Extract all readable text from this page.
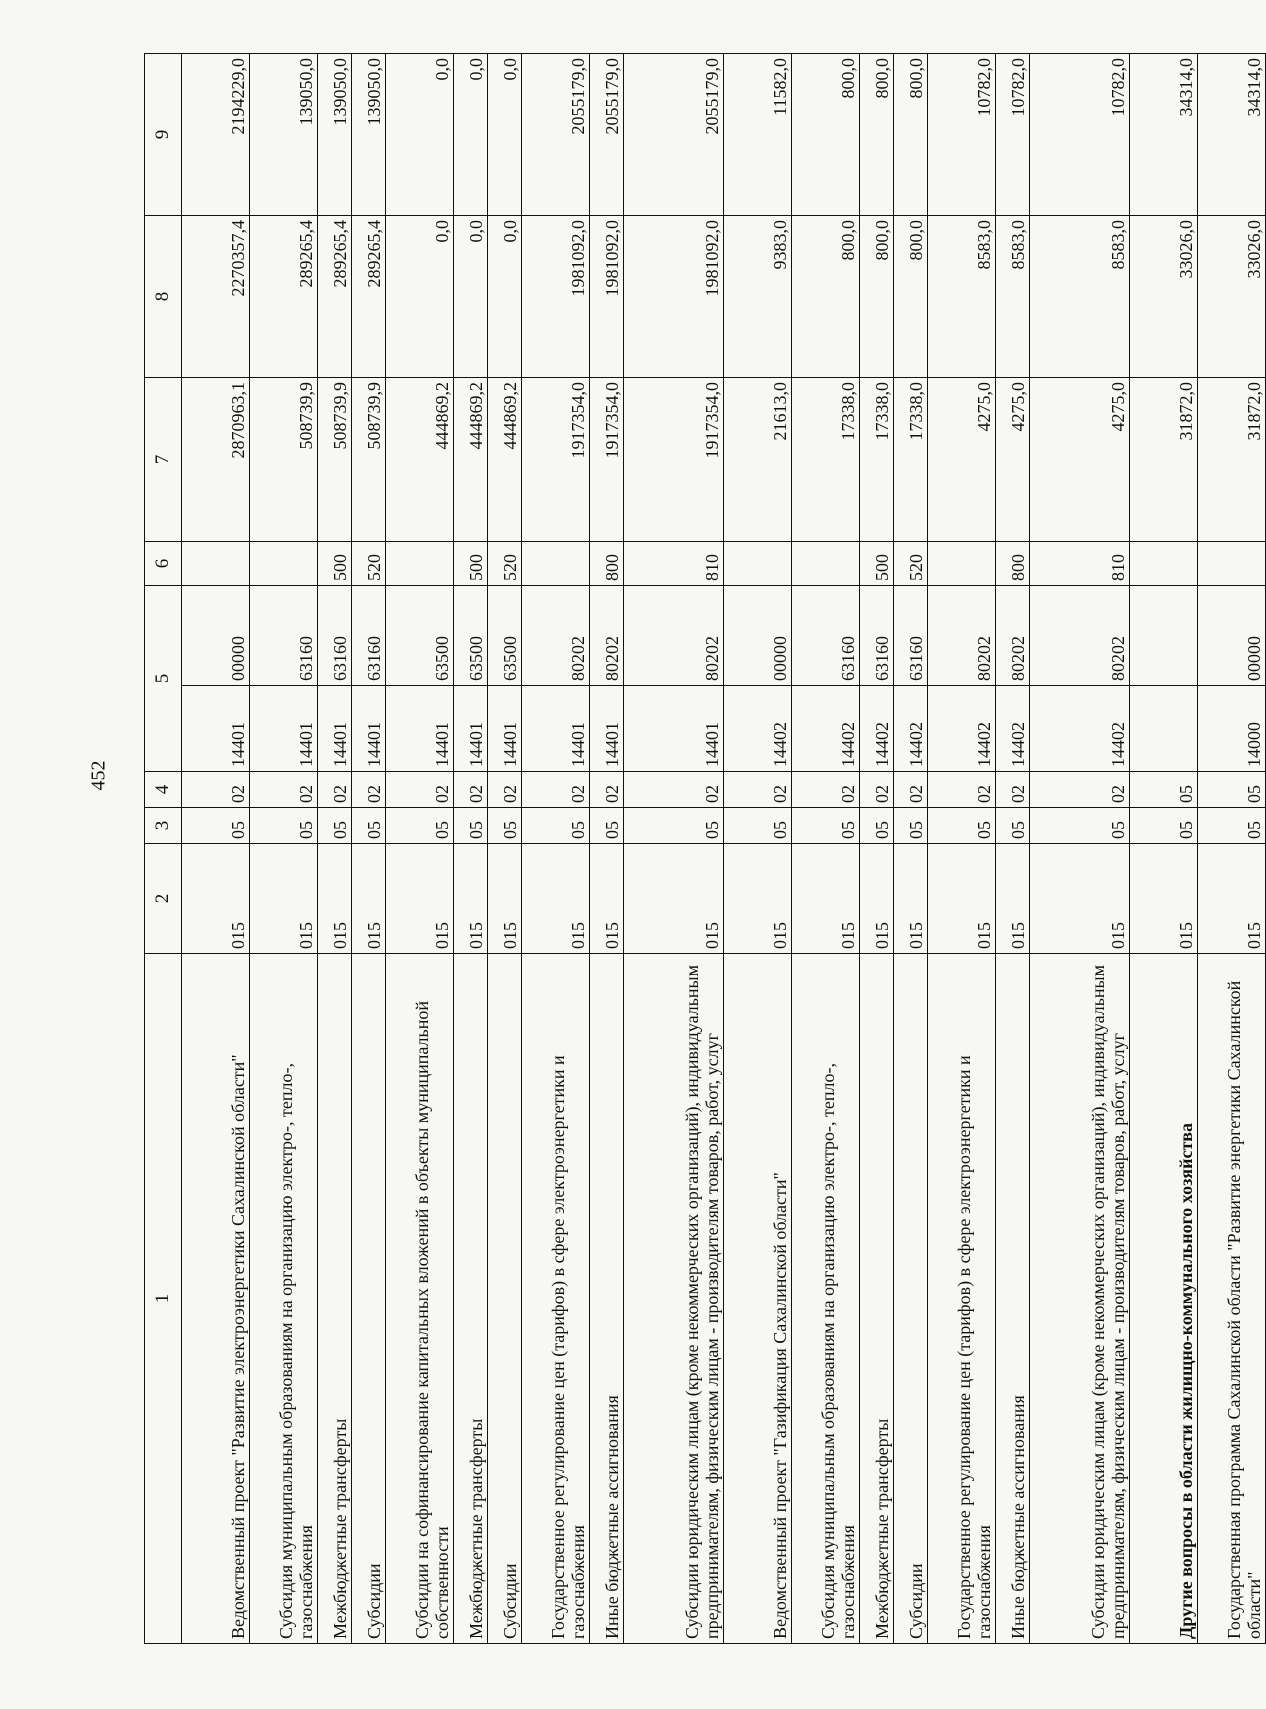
452
1	2	3	4	5		6	7	8	9
Ведомственный проект "Развитие электроэнергетики Сахалинской области"	015	05	02	14401	00000		2870963,1	2270357,4	2194229,0
Субсидия муниципальным образованиям на организацию электро-, тепло-, газоснабжения	015	05	02	14401	63160		508739,9	289265,4	139050,0
Межбюджетные трансферты	015	05	02	14401	63160	500	508739,9	289265,4	139050,0
Субсидии	015	05	02	14401	63160	520	508739,9	289265,4	139050,0
Субсидии на софинансирование капитальных вложений в объекты муниципальной собственности	015	05	02	14401	63500		444869,2	0,0	0,0
Межбюджетные трансферты	015	05	02	14401	63500	500	444869,2	0,0	0,0
Субсидии	015	05	02	14401	63500	520	444869,2	0,0	0,0
Государственное регулирование цен (тарифов) в сфере электроэнергетики и газоснабжения	015	05	02	14401	80202		1917354,0	1981092,0	2055179,0
Иные бюджетные ассигнования	015	05	02	14401	80202	800	1917354,0	1981092,0	2055179,0
Субсидии юридическим лицам (кроме некоммерческих организаций), индивидуальным предпринимателям, физическим лицам - производителям товаров, работ, услуг	015	05	02	14401	80202	810	1917354,0	1981092,0	2055179,0
Ведомственный проект "Газификация Сахалинской области"	015	05	02	14402	00000		21613,0	9383,0	11582,0
Субсидия муниципальным образованиям на организацию электро-, тепло-, газоснабжения	015	05	02	14402	63160		17338,0	800,0	800,0
Межбюджетные трансферты	015	05	02	14402	63160	500	17338,0	800,0	800,0
Субсидии	015	05	02	14402	63160	520	17338,0	800,0	800,0
Государственное регулирование цен (тарифов) в сфере электроэнергетики и газоснабжения	015	05	02	14402	80202		4275,0	8583,0	10782,0
Иные бюджетные ассигнования	015	05	02	14402	80202	800	4275,0	8583,0	10782,0
Субсидии юридическим лицам (кроме некоммерческих организаций), индивидуальным предпринимателям, физическим лицам - производителям товаров, работ, услуг	015	05	02	14402	80202	810	4275,0	8583,0	10782,0
Другие вопросы в области жилищно-коммунального хозяйства	015	05	05				31872,0	33026,0	34314,0
Государственная программа Сахалинской области "Развитие энергетики Сахалинской области"	015	05	05	14000	00000		31872,0	33026,0	34314,0
